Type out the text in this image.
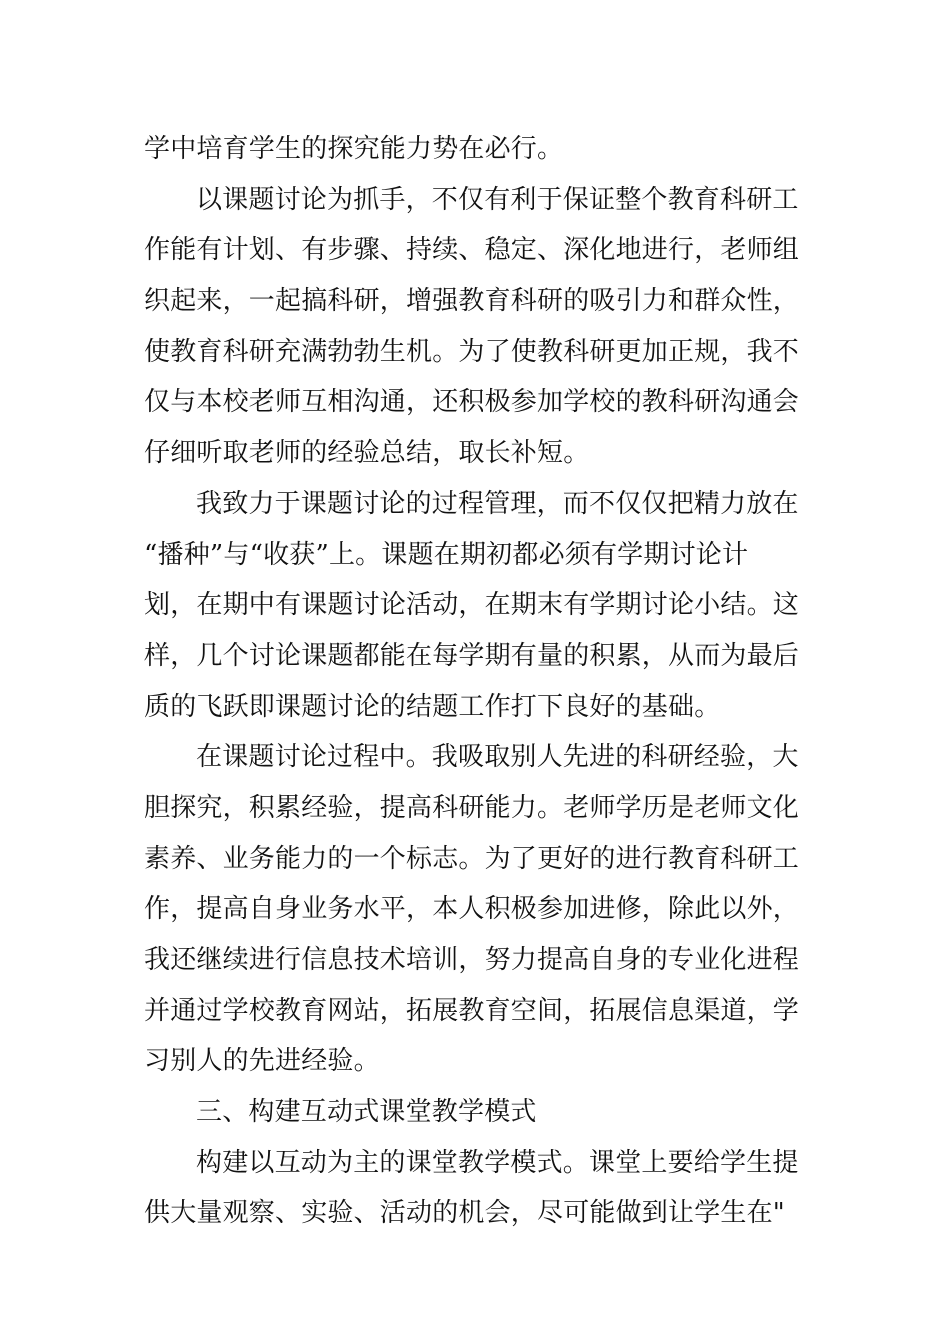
学中培育学生的探究能力势在必行。
以课题讨论为抓手，不仅有利于保证整个教育科研工
作能有计划、有步骤、持续、稳定、深化地进行，老师组
织起来，一起搞科研，增强教育科研的吸引力和群众性，
使教育科研充满勃勃生机。为了使教科研更加正规，我不
仅与本校老师互相沟通，还积极参加学校的教科研沟通会
仔细听取老师的经验总结，取长补短。
我致力于课题讨论的过程管理，而不仅仅把精力放在
“播种”与“收获”上。课题在期初都必须有学期讨论计
划，在期中有课题讨论活动，在期末有学期讨论小结。这
样，几个讨论课题都能在每学期有量的积累，从而为最后
质的飞跃即课题讨论的结题工作打下良好的基础。
在课题讨论过程中。我吸取别人先进的科研经验，大
胆探究，积累经验，提高科研能力。老师学历是老师文化
素养、业务能力的一个标志。为了更好的进行教育科研工
作，提高自身业务水平，本人积极参加进修，除此以外，
我还继续进行信息技术培训，努力提高自身的专业化进程
并通过学校教育网站，拓展教育空间，拓展信息渠道，学
习别人的先进经验。
三、构建互动式课堂教学模式
构建以互动为主的课堂教学模式。课堂上要给学生提
供大量观察、实验、活动的机会，尽可能做到让学生在"
